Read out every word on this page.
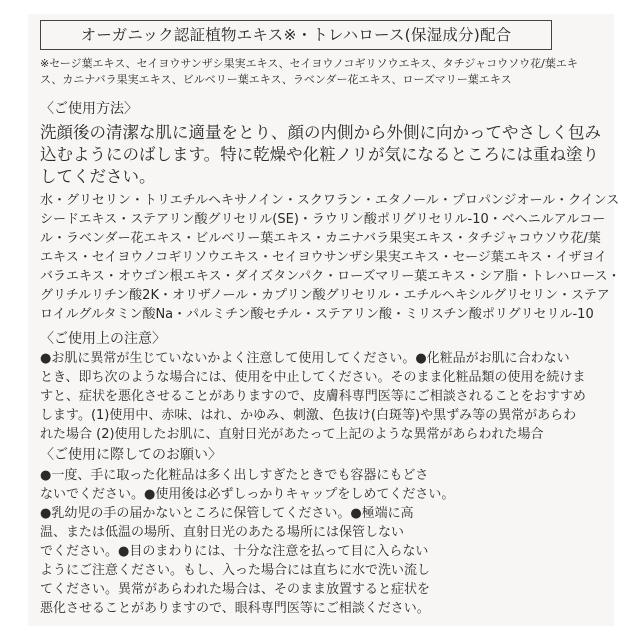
オーガニック認証植物エキス※・トレハロース(保湿成分)配合
※セージ葉エキス、セイヨウサンザシ果実エキス、セイヨウノコギリソウエキス、タチジャコウソウ花/葉エキ
ス、カニナバラ果実エキス、ビルベリー葉エキス、ラベンダー花エキス、ローズマリー葉エキス
〈ご使用方法〉
洗顔後の清潔な肌に適量をとり、顔の内側から外側に向かってやさしく包み
込むようにのばします。特に乾燥や化粧ノリが気になるところには重ね塗り
してください。
水・グリセリン・トリエチルヘキサノイン・スクワラン・エタノール・プロパンジオール・クインス
シードエキス・ステアリン酸グリセリル(SE)・ラウリン酸ポリグリセリル-10・ベヘニルアルコー
ル・ラベンダー花エキス・ビルベリー葉エキス・カニナバラ果実エキス・タチジャコウソウ花/葉
エキス・セイヨウノコギリソウエキス・セイヨウサンザシ果実エキス・セージ葉エキス・イザヨイ
バラエキス・オウゴン根エキス・ダイズタンパク・ローズマリー葉エキス・シア脂・トレハロース・
グリチルリチン酸2K・オリザノール・カプリン酸グリセリル・エチルヘキシルグリセリン・ステア
ロイルグルタミン酸Na・パルミチン酸セチル・ステアリン酸・ミリスチン酸ポリグリセリル-10
〈ご使用上の注意〉
●お肌に異常が生じていないかよく注意して使用してください。●化粧品がお肌に合わない
とき、即ち次のような場合には、使用を中止してください。そのまま化粧品類の使用を続けま
すと、症状を悪化させることがありますので、皮膚科専門医等にご相談されることをおすすめ
します。(1)使用中、赤味、はれ、かゆみ、刺激、色抜け(白斑等)や黒ずみ等の異常があらわ
れた場合 (2)使用したお肌に、直射日光があたって上記のような異常があらわれた場合
〈ご使用に際してのお願い〉
●一度、手に取った化粧品は多く出しすぎたときでも容器にもどさ
ないでください。●使用後は必ずしっかりキャップをしめてください。
●乳幼児の手の届かないところに保管してください。●極端に高
温、または低温の場所、直射日光のあたる場所には保管しない
でください。●目のまわりには、十分な注意を払って目に入らない
ようにご注意ください。もし、入った場合には直ちに水で洗い流し
てください。異常があらわれた場合は、そのまま放置すると症状を
悪化させることがありますので、眼科専門医等にご相談ください。
